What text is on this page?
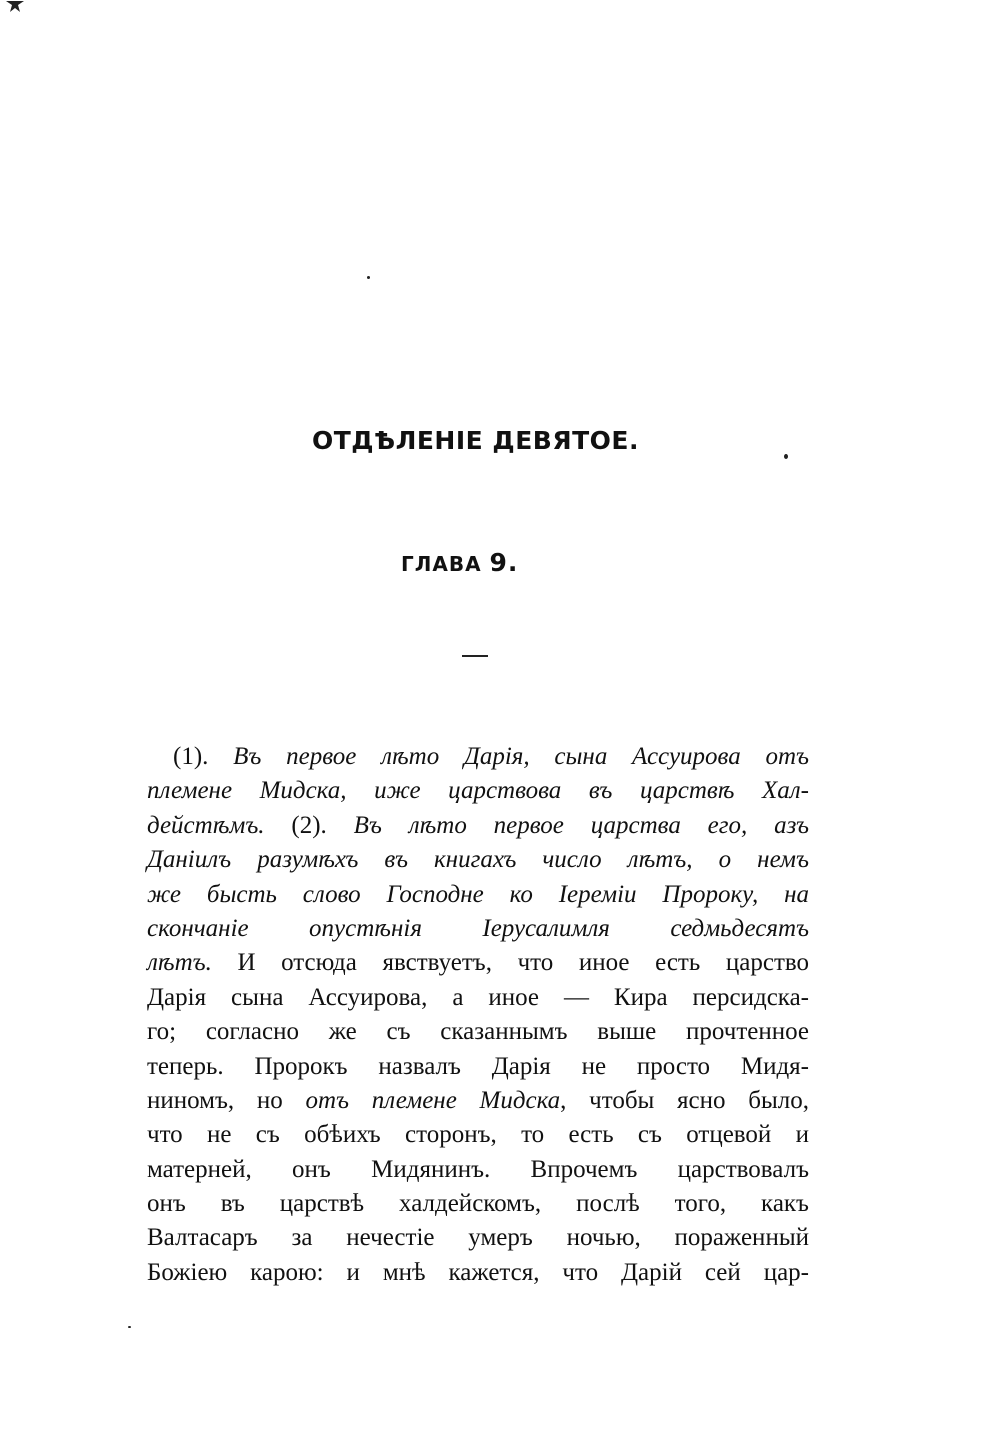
ОТДѢЛЕНІЕ ДЕВЯТОЕ.
ГЛАВА 9.
(1). Въ первое лѣто Дарія, сына Ассуирова отъ
племене Мидска, иже царствова въ царствѣ Хал-
дейстѣмъ. (2). Въ лѣто первое царства его, азъ
Даніилъ разумѣхъ въ книгахъ число лѣтъ, о немъ
же бысть слово Господне ко Іереміи Пророку, на
скончаніе опустѣнія Іерусалимля седмьдесятъ
лѣтъ. И отсюда явствуетъ, что иное есть царство
Дарія сына Ассуирова, а иное — Кира персидска-
го; согласно же съ сказаннымъ выше прочтенное
теперь. Пророкъ назвалъ Дарія не просто Мидя-
ниномъ, но отъ племене Мидска, чтобы ясно было,
что не съ обѣихъ сторонъ, то есть съ отцевой и
матерней, онъ Мидянинъ. Впрочемъ царствовалъ
онъ въ царствѣ халдейскомъ, послѣ того, какъ
Валтасаръ за нечестіе умеръ ночью, пораженный
Божіею карою: и мнѣ кажется, что Дарій сей цар-
